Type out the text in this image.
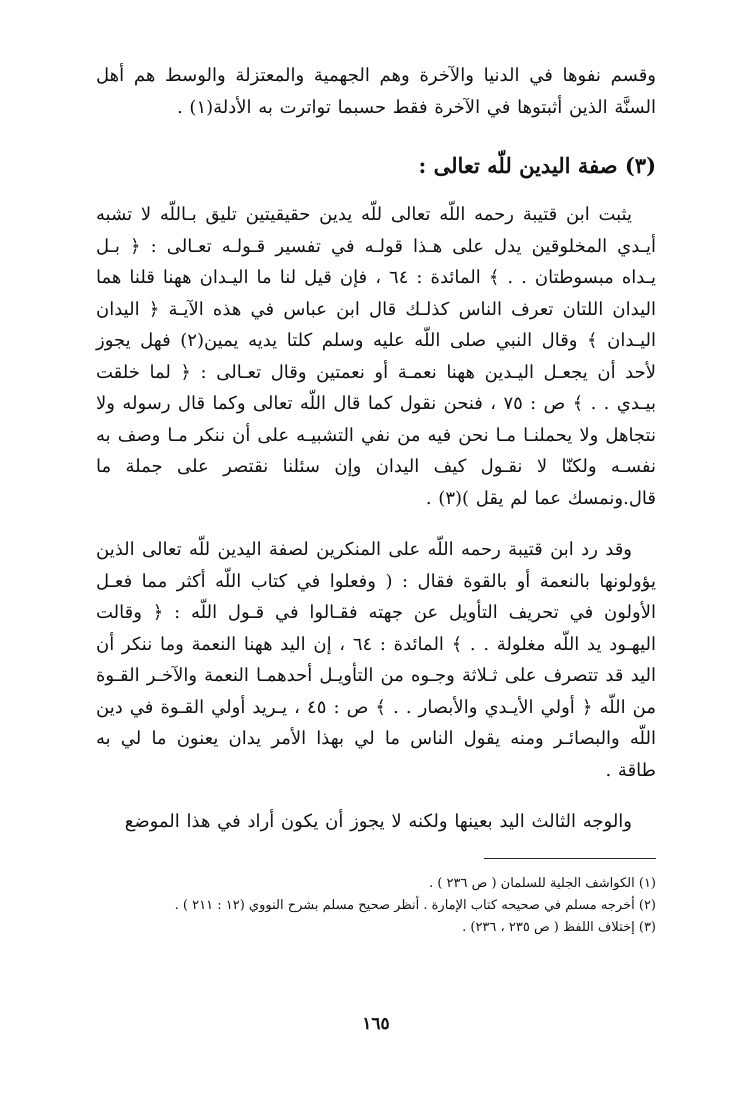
وقسم نفوها في الدنيا والآخرة وهم الجهمية والمعتزلة والوسط هم أهل السنَّة الذين أثبتوها في الآخرة فقط حسبما تواترت به الأدلة(١) .

(٣) صفة اليدين للّه تعالى :

يثبت ابن قتيبة رحمه اللّه تعالى للّه يدين حقيقيتين تليق بـاللّه لا تشبه أيـدي المخلوقين يدل على هـذا قولـه في تفسير قـولـه تعـالى : ﴿ بـل يـداه مبسوطتان . . ﴾ المائدة : ٦٤ ، فإن قيل لنا ما اليـدان ههنا قلنا هما اليدان اللتان تعرف الناس كذلـك قال ابن عباس في هذه الآيـة ﴿ اليدان اليـدان ﴾ وقال النبي صلى اللّه عليه وسلم كلتا يديه يمين(٢) فهل يجوز لأحد أن يجعـل اليـدين ههنا نعمـة أو نعمتين وقال تعـالى : ﴿ لما خلقت بيـدي . . ﴾ ص : ٧٥ ، فنحن نقول كما قال اللّه تعالى وكما قال رسوله ولا نتجاهل ولا يحملنـا مـا نحن فيه من نفي التشبيـه على أن ننكر مـا وصف به نفسـه ولكنّا لا نقـول كيف اليدان وإن سئلنا نقتصر على جملة ما قال.ونمسك عما لم يقل )(٣) .

وقد رد ابن قتيبة رحمه اللّه على المنكرين لصفة اليدين للّه تعالى الذين يؤولونها بالنعمة أو بالقوة فقال : ( وفعلوا في كتاب اللّه أكثر مما فعـل الأولون في تحريف التأويل عن جهته فقـالوا في قـول اللّه : ﴿ وقالت اليهـود يد اللّه مغلولة . . ﴾ المائدة : ٦٤ ، إن اليد ههنا النعمة وما ننكر أن اليد قد تتصرف على ثـلاثة وجـوه من التأويـل أحدهمـا النعمة والآخـر القـوة من اللّه ﴿ أولي الأيـدي والأبصار . . ﴾ ص : ٤٥ ، يـريد أولي القـوة في دين اللّه والبصائـر ومنه يقول الناس ما لي بهذا الأمر يدان يعنون ما لي به طاقة .

والوجه الثالث اليد بعينها ولكنه لا يجوز أن يكون أراد في هذا الموضع

(١) الكواشف الجلية للسلمان ( ص ٢٣٦ ) .

(٢) أخرجه مسلم في صحيحه كتاب الإمارة . أنظر صحيح مسلم بشرح النووي (١٢ : ٢١١ ) .

(٣) إختلاف اللفظ ( ص ٢٣٥ ، ٢٣٦) .

١٦٥
